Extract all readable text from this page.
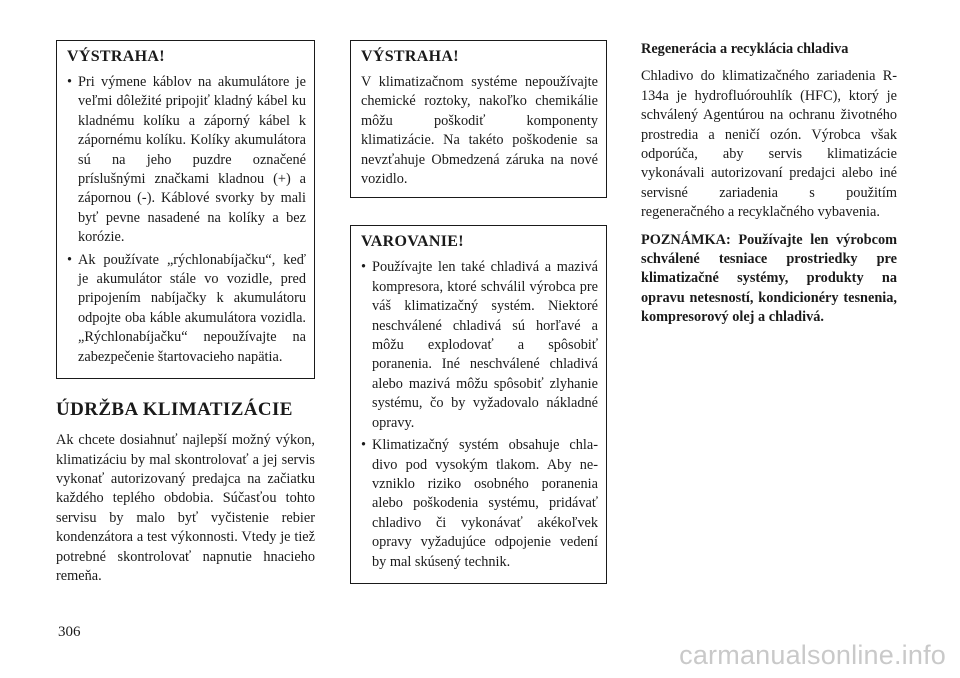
VÝSTRAHA!
• Pri výmene káblov na akumulátore je veľmi dôležité pripojiť kladný kábel ku kladnému kolíku a záporný kábel k zápornému kolíku. Kolíky akumulátora sú na jeho puzdre označené príslušnými značkami kladnou (+) a zápornou (-). Káblové svorky by mali byť pevne nasadené na kolíky a bez korózie.
• Ak používate „rýchlonabíjačku“, keď je akumulátor stále vo vozidle, pred pripojením nabíjačky k akumulátoru odpojte oba káble akumulátora vozidla. „Rýchlonabíjačku“ nepoužívajte na zabezpečenie štartovacieho napätia.
ÚDRŽBA KLIMATIZÁCIE

Ak chcete dosiahnuť najlepší možný výkon, klimatizáciu by mal skontrolovať a jej servis vykonať autorizovaný predajca na začiatku každého teplého obdobia. Súčasťou tohto servisu by malo byť vyčistenie rebier kondenzátora a test výkonnosti. Vtedy je tiež potrebné skontrolovať napnutie hnacieho remeňa.

VÝSTRAHA!

V klimatizačnom systéme nepoužívajte chemické roztoky, nakoľko chemikálie môžu poškodiť komponenty klimatizácie. Na takéto poškodenie sa nevzťahuje Obmedzená záruka na nové vozidlo.

VAROVANIE!
• Používajte len také chladivá a mazivá kompresora, ktoré schválil výrobca pre váš klimatizačný systém. Niektoré neschválené chladivá sú horľavé a môžu explodovať a spôsobiť poranenia. Iné neschválené chladivá alebo mazivá môžu spôsobiť zlyhanie systému, čo by vyžadovalo nákladné opravy.
• Klimatizačný systém obsahuje chladivo pod vysokým tlakom. Aby nevzniklo riziko osobného poranenia alebo poškodenia systému, pridávať chladivo či vykonávať akékoľvek opravy vyžadujúce odpojenie vedení by mal skúsený technik.
Regenerácia a recyklácia chladiva

Chladivo do klimatizačného zariadenia R-134a je hydrofluórouhlík (HFC), ktorý je schválený Agentúrou na ochranu životného prostredia a neničí ozón. Výrobca však odporúča, aby servis klimatizácie vykonávali autorizovaní predajci alebo iné servisné zariadenia s použitím regeneračného a recyklačného vybavenia.

POZNÁMKA: Používajte len výrobcom schválené tesniace prostriedky pre klimatizačné systémy, produkty na opravu netesností, kondicionéry tesnenia, kompresorový olej a chladivá.

306
carmanualsonline.info
